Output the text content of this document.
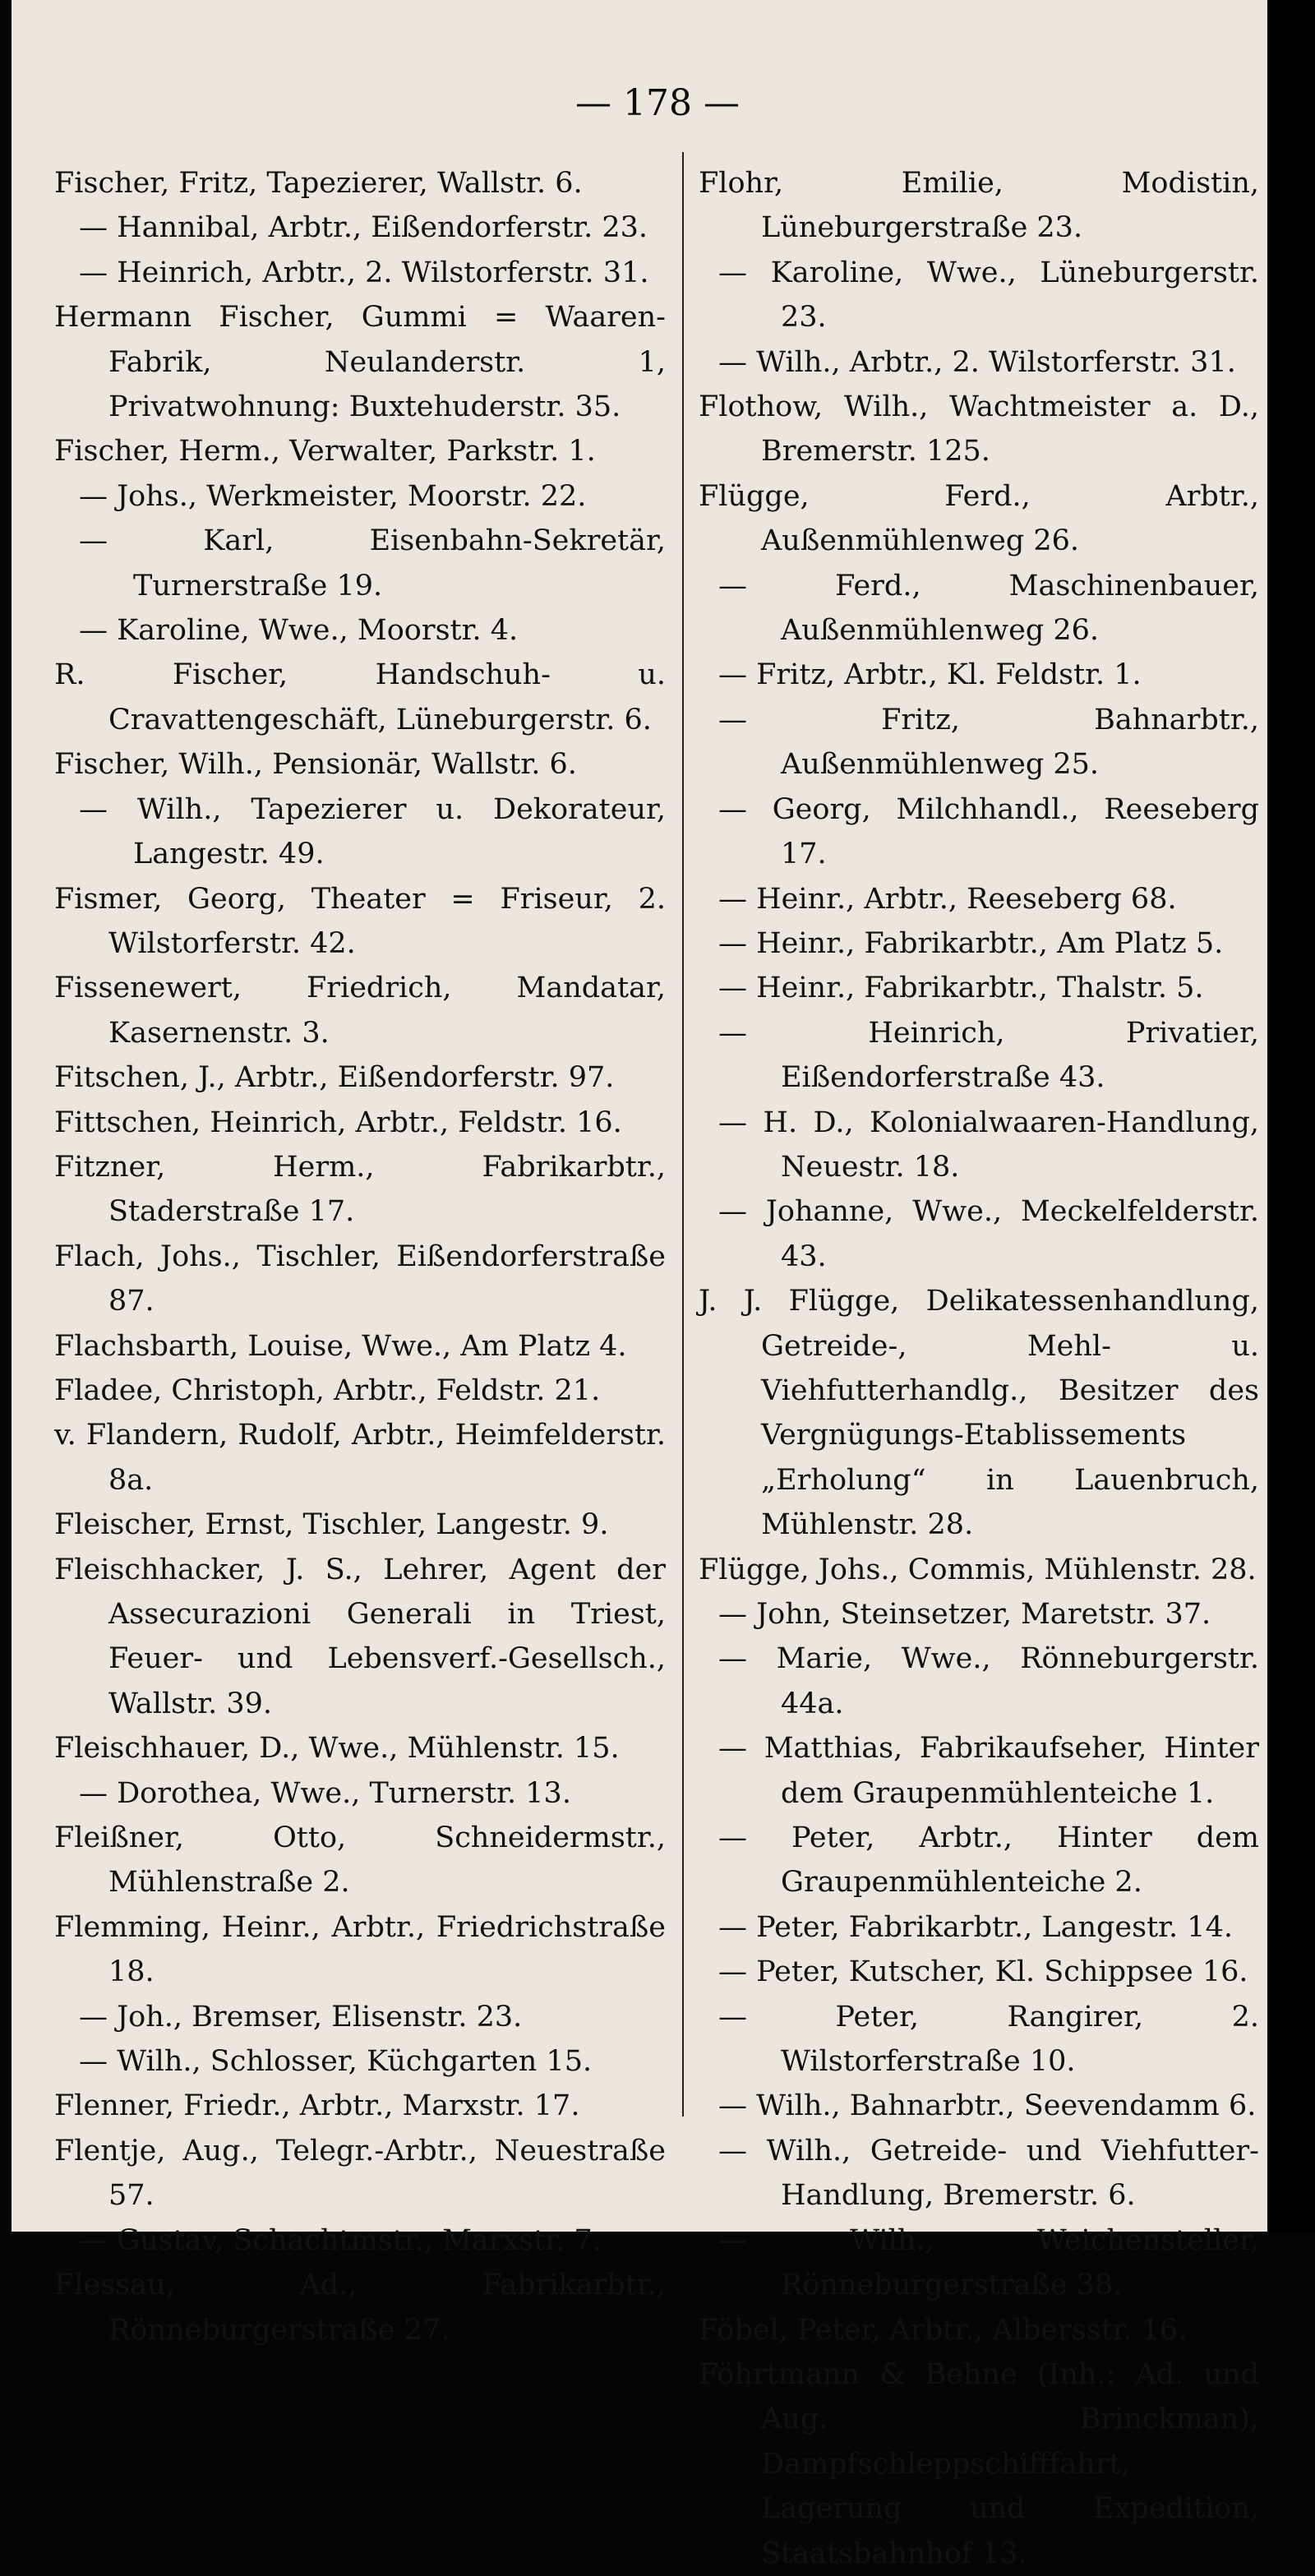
— 178 —
Fischer, Fritz, Tapezierer, Wallstr. 6.
— Hannibal, Arbtr., Eißendorferstr. 23.
— Heinrich, Arbtr., 2. Wilstorferstr. 31.
Hermann Fischer, Gummi = Waaren-Fabrik, Neulanderstr. 1, Privatwohnung: Buxtehuderstr. 35.
Fischer, Herm., Verwalter, Parkstr. 1.
— Johs., Werkmeister, Moorstr. 22.
— Karl, Eisenbahn-Sekretär, Turnerstraße 19.
— Karoline, Wwe., Moorstr. 4.
R. Fischer, Handschuh- u. Cravattengeschäft, Lüneburgerstr. 6.
Fischer, Wilh., Pensionär, Wallstr. 6.
— Wilh., Tapezierer u. Dekorateur, Langestr. 49.
Fismer, Georg, Theater = Friseur, 2. Wilstorferstr. 42.
Fissenewert, Friedrich, Mandatar, Kasernenstr. 3.
Fitschen, J., Arbtr., Eißendorferstr. 97.
Fittschen, Heinrich, Arbtr., Feldstr. 16.
Fitzner, Herm., Fabrikarbtr., Staderstraße 17.
Flach, Johs., Tischler, Eißendorferstraße 87.
Flachsbarth, Louise, Wwe., Am Platz 4.
Fladee, Christoph, Arbtr., Feldstr. 21.
v. Flandern, Rudolf, Arbtr., Heimfelderstr. 8a.
Fleischer, Ernst, Tischler, Langestr. 9.
Fleischhacker, J. S., Lehrer, Agent der Assecurazioni Generali in Triest, Feuer- und Lebensverf.-Gesellsch., Wallstr. 39.
Fleischhauer, D., Wwe., Mühlenstr. 15.
— Dorothea, Wwe., Turnerstr. 13.
Fleißner, Otto, Schneidermstr., Mühlenstraße 2.
Flemming, Heinr., Arbtr., Friedrichstraße 18.
— Joh., Bremser, Elisenstr. 23.
— Wilh., Schlosser, Küchgarten 15.
Flenner, Friedr., Arbtr., Marxstr. 17.
Flentje, Aug., Telegr.-Arbtr., Neuestraße 57.
— Gustav, Schachtmstr., Marxstr. 7.
Flessau, Ad., Fabrikarbtr., Rönneburgerstraße 27.
Flohr, Emilie, Modistin, Lüneburgerstraße 23.
— Karoline, Wwe., Lüneburgerstr. 23.
— Wilh., Arbtr., 2. Wilstorferstr. 31.
Flothow, Wilh., Wachtmeister a. D., Bremerstr. 125.
Flügge, Ferd., Arbtr., Außenmühlenweg 26.
— Ferd., Maschinenbauer, Außenmühlenweg 26.
— Fritz, Arbtr., Kl. Feldstr. 1.
— Fritz, Bahnarbtr., Außenmühlenweg 25.
— Georg, Milchhandl., Reeseberg 17.
— Heinr., Arbtr., Reeseberg 68.
— Heinr., Fabrikarbtr., Am Platz 5.
— Heinr., Fabrikarbtr., Thalstr. 5.
— Heinrich, Privatier, Eißendorferstraße 43.
— H. D., Kolonialwaaren-Handlung, Neuestr. 18.
— Johanne, Wwe., Meckelfelderstr. 43.
J. J. Flügge, Delikatessenhandlung, Getreide-, Mehl- u. Viehfutterhandlg., Besitzer des Vergnügungs-Etablissements „Erholung“ in Lauenbruch, Mühlenstr. 28.
Flügge, Johs., Commis, Mühlenstr. 28.
— John, Steinsetzer, Maretstr. 37.
— Marie, Wwe., Rönneburgerstr. 44a.
— Matthias, Fabrikaufseher, Hinter dem Graupenmühlenteiche 1.
— Peter, Arbtr., Hinter dem Graupenmühlenteiche 2.
— Peter, Fabrikarbtr., Langestr. 14.
— Peter, Kutscher, Kl. Schippsee 16.
— Peter, Rangirer, 2. Wilstorferstraße 10.
— Wilh., Bahnarbtr., Seevendamm 6.
— Wilh., Getreide- und Viehfutter-Handlung, Bremerstr. 6.
— Wilh., Weichensteller, Rönneburgerstraße 38.
Föbel, Peter, Arbtr., Albersstr. 16.
Föhrtmann & Behne (Inh.: Ad. und Aug. Brinckman), Dampfschleppschifffahrt, Lagerung und Expedition, Staatsbahnhof 13.
